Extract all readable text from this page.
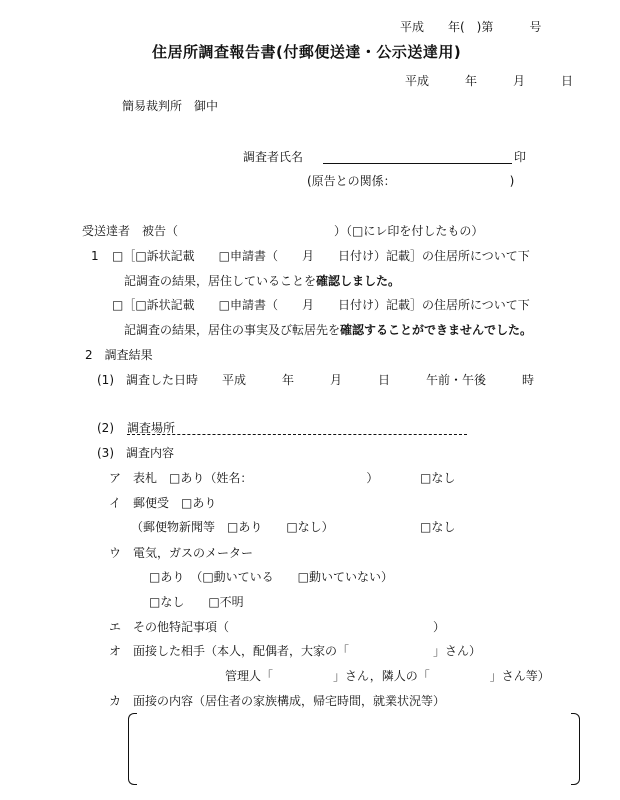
平成　　年(　)第　　　号
住居所調査報告書(付郵便送達・公示送達用)
平成　　　年　　　月　　　日
簡易裁判所　御中
調査者氏名	印
(原告との関係：　　　　　　　　　　)
受送達者　被告（　　　　　　　　　　　　　）（□にレ印を付したもの）
1 □［□訴状記載　　□申請書（　　月　　日付け）記載］の住居所について下
記調査の結果，居住していることを確認しました。
□［□訴状記載　　□申請書（　　月　　日付け）記載］の住居所について下
記調査の結果，居住の事実及び転居先を確認することができませんでした。
2　調査結果
(1)　調査した日時　　平成　　　年　　　月　　　日　　　午前・午後　　　時
(2) 調査場所
(3)　調査内容
ア　表札　□あり（姓名：　　　　　　　　　　）	□なし
イ　郵便受　□あり
（郵便物新聞等　□あり　　□なし）	□なし
ウ　電気，ガスのメーター
□あり　（□動いている　　□動いていない）
□なし　　□不明
エ　その他特記事項（　　　　　　　　　　　　　　　　　）
オ　面接した相手（本人，配偶者，大家の「　　　　　　　」さん）
管理人「　　　　　」さん，隣人の「　　　　　」さん等）
カ　面接の内容（居住者の家族構成，帰宅時間，就業状況等）
